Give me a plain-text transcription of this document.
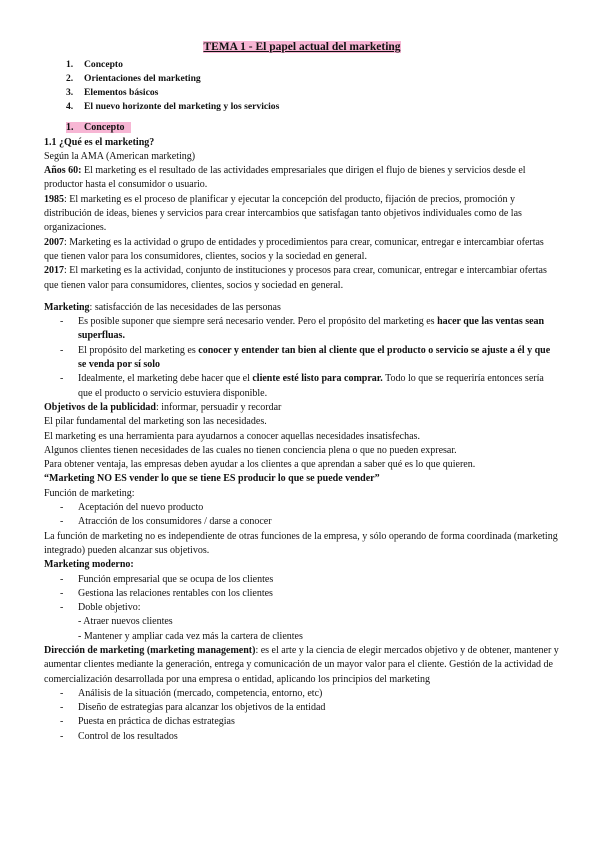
TEMA 1 - El papel actual del marketing
1. Concepto
2. Orientaciones del marketing
3. Elementos básicos
4. El nuevo horizonte del marketing y los servicios
1. Concepto

1.1 ¿Qué es el marketing?

Según la AMA (American marketing)

Años 60: El marketing es el resultado de las actividades empresariales que dirigen el flujo de bienes y servicios desde el productor hasta el consumidor o usuario.

1985: El marketing es el proceso de planificar y ejecutar la concepción del producto, fijación de precios, promoción y distribución de ideas, bienes y servicios para crear intercambios que satisfagan tanto objetivos individuales como de las organizaciones.

2007: Marketing es la actividad o grupo de entidades y procedimientos para crear, comunicar, entregar e intercambiar ofertas que tienen valor para los consumidores, clientes, socios y la sociedad en general.

2017: El marketing es la actividad, conjunto de instituciones y procesos para crear, comunicar, entregar e intercambiar ofertas que tienen valor para consumidores, clientes, socios y sociedad en general.

Marketing: satisfacción de las necesidades de las personas

- Es posible suponer que siempre será necesario vender. Pero el propósito del marketing es hacer que las ventas sean superfluas.
- El propósito del marketing es conocer y entender tan bien al cliente que el producto o servicio se ajuste a él y que se venda por sí solo
- Idealmente, el marketing debe hacer que el cliente esté listo para comprar. Todo lo que se requeriría entonces sería que el producto o servicio estuviera disponible.

Objetivos de la publicidad: informar, persuadir y recordar

El pilar fundamental del marketing son las necesidades.

El marketing es una herramienta para ayudarnos a conocer aquellas necesidades insatisfechas.

Algunos clientes tienen necesidades de las cuales no tienen conciencia plena o que no pueden expresar.

Para obtener ventaja, las empresas deben ayudar a los clientes a que aprendan a saber qué es lo que quieren.

“Marketing NO ES vender lo que se tiene ES producir lo que se puede vender”

Función de marketing:

- Aceptación del nuevo producto
- Atracción de los consumidores / darse a conocer

La función de marketing no es independiente de otras funciones de la empresa, y sólo operando de forma coordinada (marketing integrado) pueden alcanzar sus objetivos.

Marketing moderno:

- Función empresarial que se ocupa de los clientes
- Gestiona las relaciones rentables con los clientes
- Doble objetivo:

- Atraer nuevos clientes

- Mantener y ampliar cada vez más la cartera de clientes

Dirección de marketing (marketing management): es el arte y la ciencia de elegir mercados objetivo y de obtener, mantener y aumentar clientes mediante la generación, entrega y comunicación de un mayor valor para el cliente. Gestión de la actividad de comercialización desarrollada por una empresa o entidad, aplicando los principios del marketing

- Análisis de la situación (mercado, competencia, entorno, etc)
- Diseño de estrategias para alcanzar los objetivos de la entidad
- Puesta en práctica de dichas estrategias
- Control de los resultados
